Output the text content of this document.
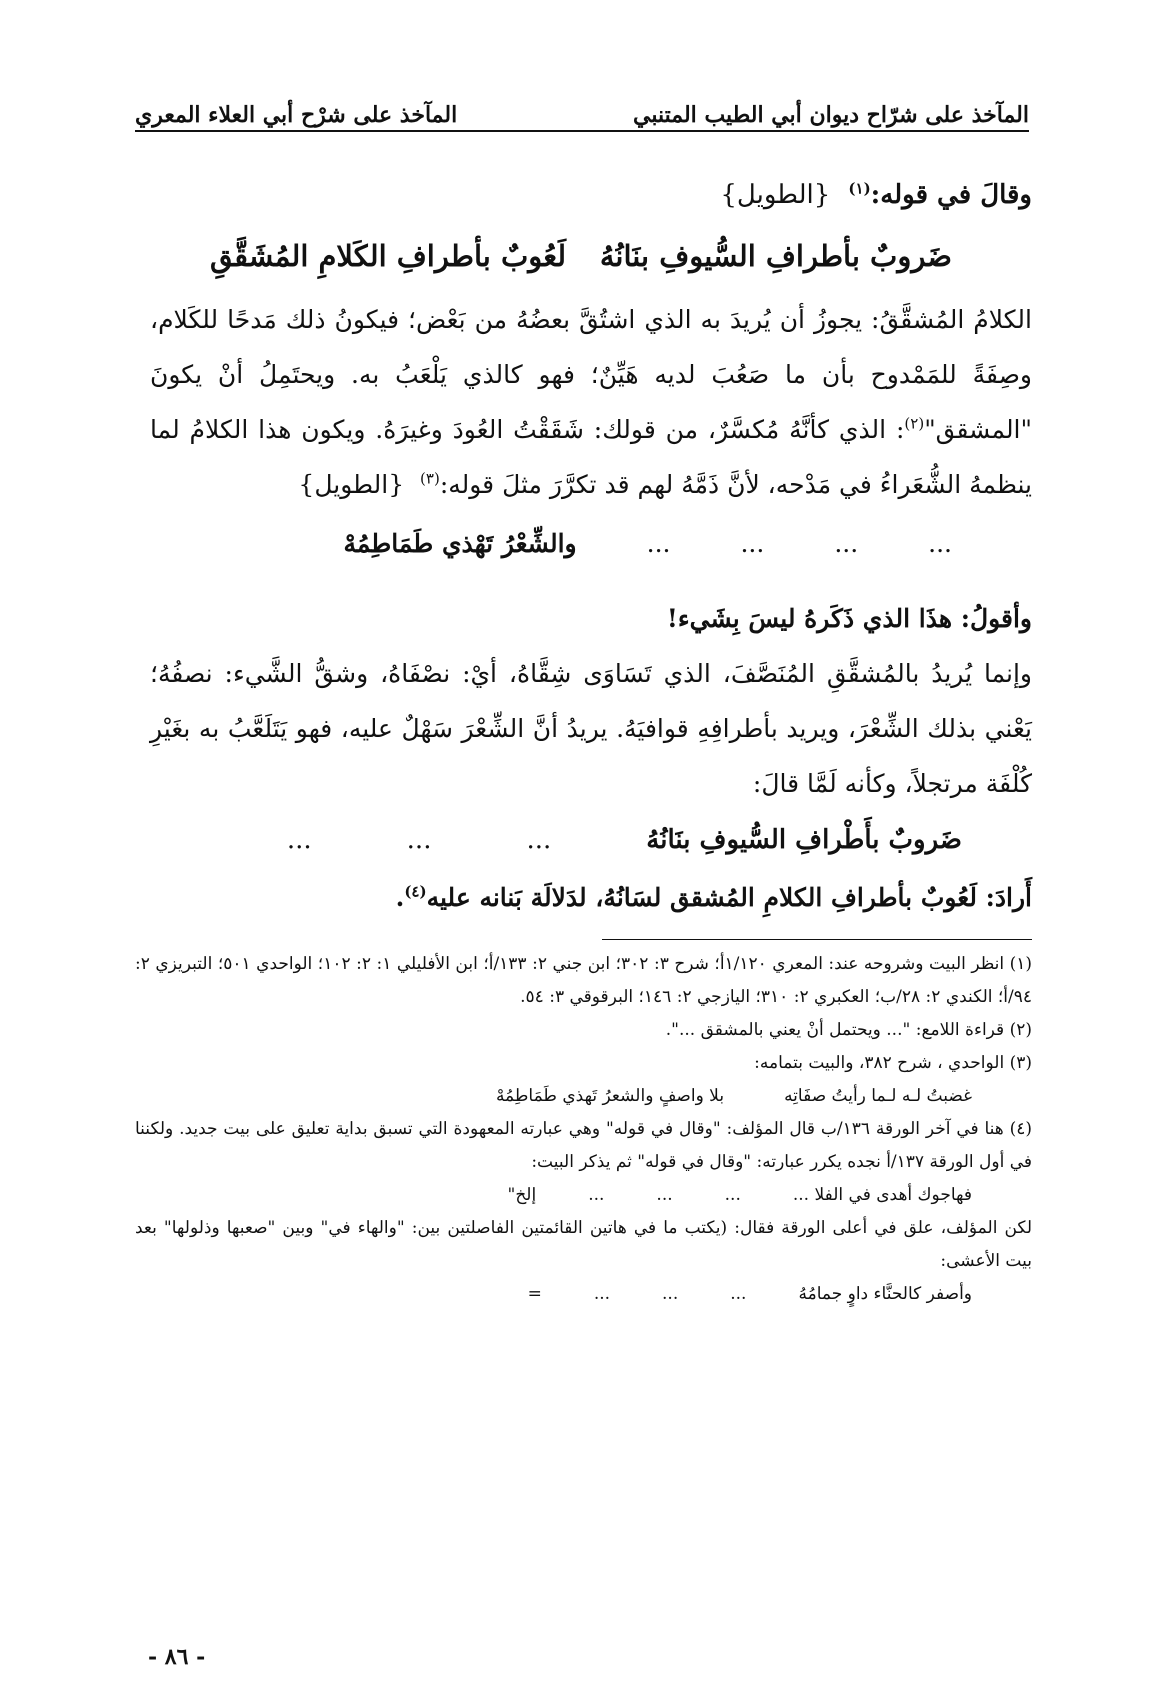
المآخذ على شرّاح ديوان أبي الطيب المتنبي
المآخذ على شرْح أبي العلاء المعري

وقالَ في قوله:$^{(١)}$  {الطويل}

ضَروبٌ بأطرافِ السُّيوفِ بنَانُهُ
لَعُوبٌ بأطرافِ الكَلامِ المُشَقَّقِ

الكلامُ المُشقَّقُ: يجوزُ أن يُريدَ به الذي اشتُقَّ بعضُهُ من بَعْض؛ فيكونُ ذلك مَدحًا للكَلام، وصِفَةً للمَمْدوح بأن ما صَعُبَ لديه هَيِّنٌ؛ فهو كالذي يَلْعَبُ به. ويحتَمِلُ أنْ يكونَ "المشقق"$^{(٢)}$: الذي كأنَّهُ مُكسَّرٌ، من قولك: شَقَقْتُ العُودَ وغيرَهُ. ويكون هذا الكلامُ لما ينظمهُ الشُّعَراءُ في مَدْحه، لأنَّ ذَمَّهُ لهم قد تكرَّرَ مثلَ قوله:$^{(٣)}$  {الطويل}

...
...
...
...
والشِّعْرُ تَهْذي طَمَاطِمُهْ

وأقولُ: هذَا الذي ذَكَرهُ ليسَ بِشَيء!

وإنما يُريدُ بالمُشقَّقِ المُنَصَّفَ، الذي تَسَاوَى شِقَّاهُ، أيْ: نصْفَاهُ، وشقُّ الشَّيء: نصفُهُ؛ يَعْني بذلك الشِّعْرَ، ويريد بأطرافِهِ قوافيَهُ. يريدُ أنَّ الشِّعْرَ سَهْلٌ عليه، فهو يَتَلَعَّبُ به بغَيْرِ كُلْفَة مرتجلاً، وكأنه لَمَّا قالَ:

ضَروبٌ بأَطْرافِ السُّيوفِ بنَانُهُ
...
...
...

أَرادَ: لَعُوبٌ بأطرافِ الكلامِ المُشقق لسَانُهُ، لدَلالَة بَنانه عليه$^{(٤)}$.

(١) انظر البيت وشروحه عند: المعري ١/١٢٠أ؛ شرح ٣: ٣٠٢؛ ابن جني ٢: ١٣٣/أ؛ ابن الأفليلي ١: ٢: ١٠٢؛ الواحدي ٥٠١؛ التبريزي ٢: ٩٤/أ؛ الكندي ٢: ٢٨/ب؛ العكبري ٢: ٣١٠؛ اليازجي ٢: ١٤٦؛ البرقوقي ٣: ٥٤.

(٢) قراءة اللامع: "... ويحتمل أنْ يعني بالمشقق ...".

(٣) الواحدي ، شرح ٣٨٢، والبيت بتمامه:

غضبتُ لـه لـما رأيتُ صفَاتِه
بلا واصفٍ والشعرُ تَهذي طَمَاطِمُهْ

(٤) هنا في آخر الورقة ١٣٦/ب قال المؤلف: "وقال في قوله" وهي عبارته المعهودة التي تسبق بداية تعليق على بيت جديد. ولكننا في أول الورقة ١٣٧/أ نجده يكرر عبارته: "وقال في قوله" ثم يذكر البيت:

فهاجوك أهدى في الفلا ...
...
...
...
إلخ"

لكن المؤلف، علق في أعلى الورقة فقال: (يكتب ما في هاتين القائمتين الفاصلتين بين: "والهاء في" وبين "صعبها وذلولها" بعد بيت الأعشى:

وأصفر كالحنَّاء داوٍ جمامُهُ
...
...
...
=
- ٨٦ -
